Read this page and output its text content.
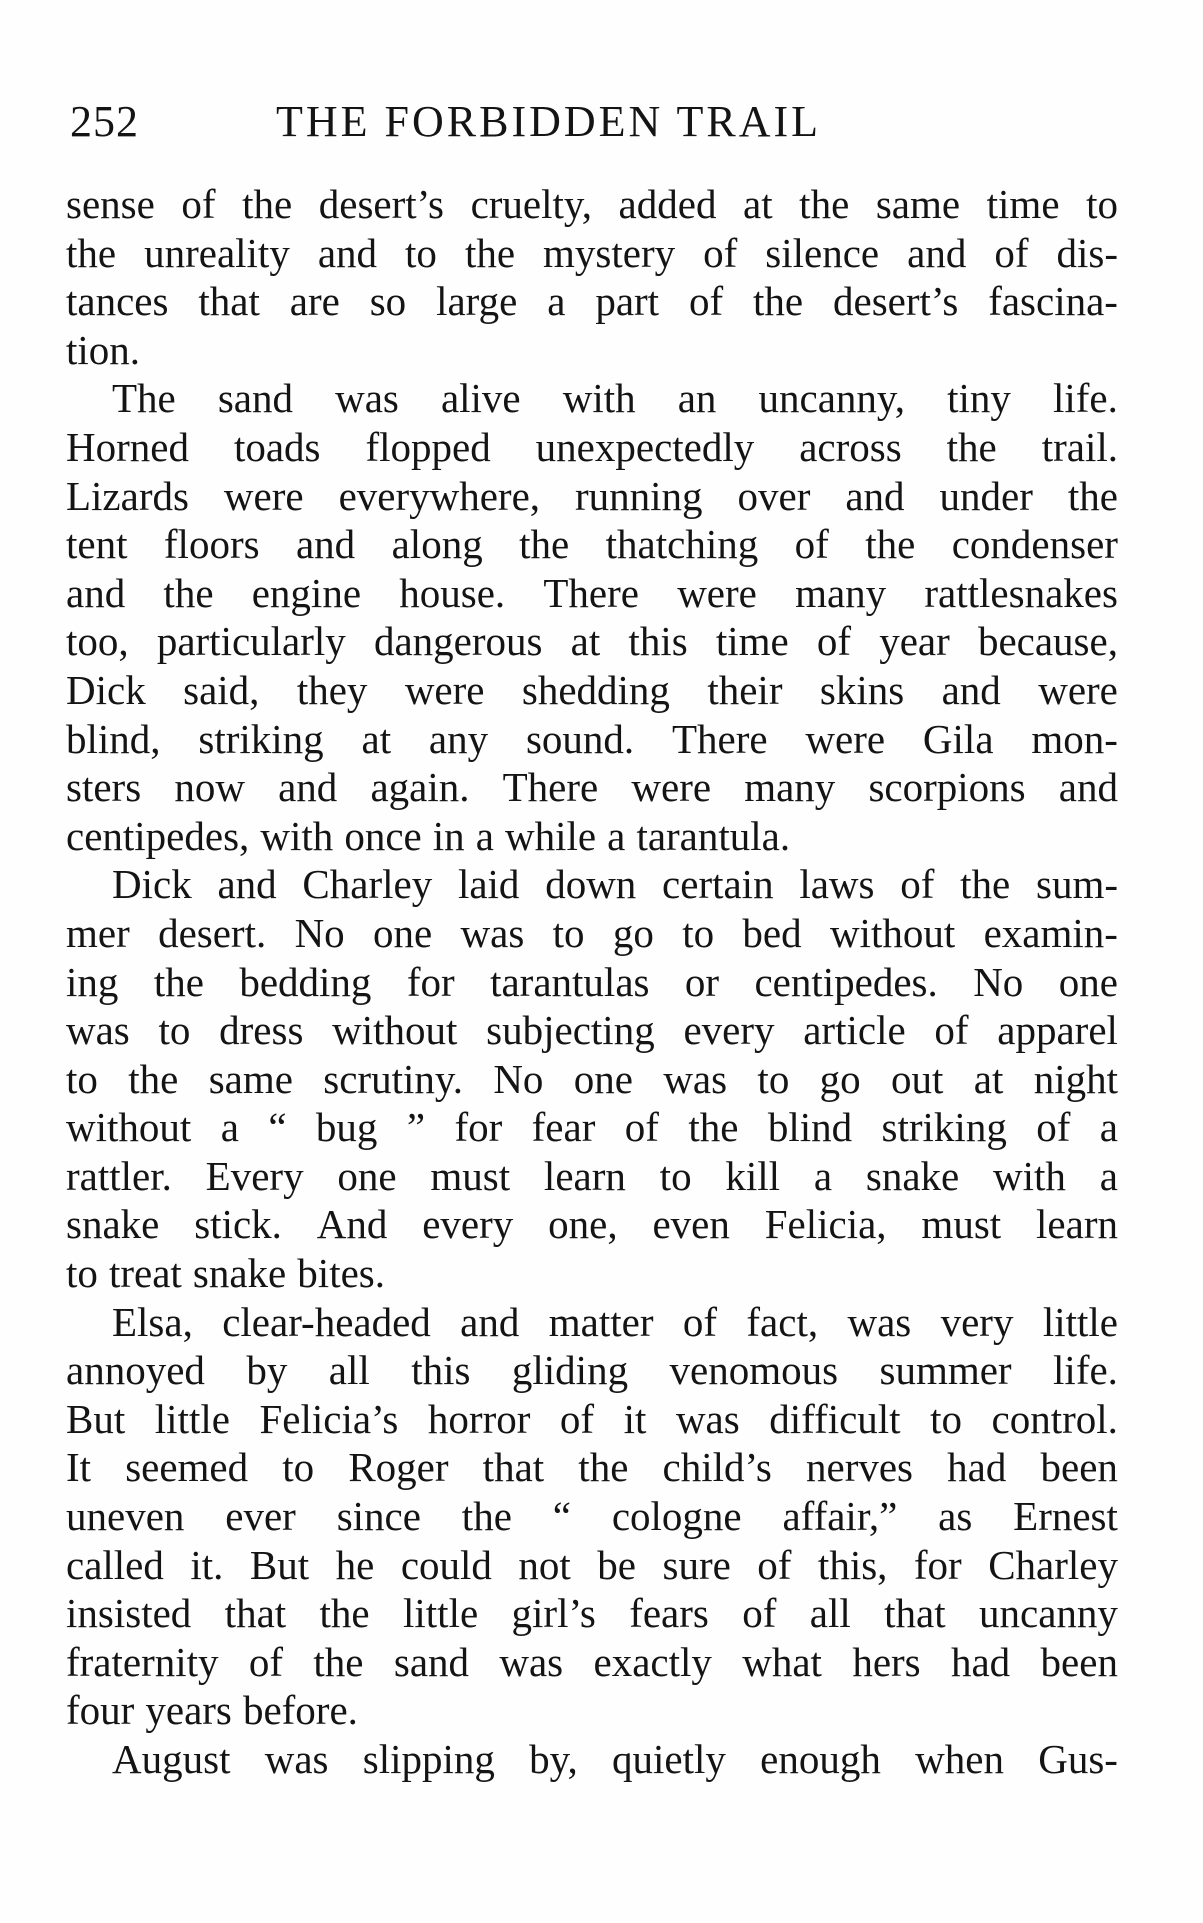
252	THE FORBIDDEN TRAIL
sense of the desert’s cruelty, added at the same time to
the unreality and to the mystery of silence and of dis-
tances that are so large a part of the desert’s fascina-
tion.
The sand was alive with an uncanny, tiny life.
Horned toads flopped unexpectedly across the trail.
Lizards were everywhere, running over and under the
tent floors and along the thatching of the condenser
and the engine house. There were many rattlesnakes
too, particularly dangerous at this time of year because,
Dick said, they were shedding their skins and were
blind, striking at any sound. There were Gila mon-
sters now and again. There were many scorpions and
centipedes, with once in a while a tarantula.
Dick and Charley laid down certain laws of the sum-
mer desert. No one was to go to bed without examin-
ing the bedding for tarantulas or centipedes. No one
was to dress without subjecting every article of apparel
to the same scrutiny. No one was to go out at night
without a “ bug ” for fear of the blind striking of a
rattler. Every one must learn to kill a snake with a
snake stick. And every one, even Felicia, must learn
to treat snake bites.
Elsa, clear-headed and matter of fact, was very little
annoyed by all this gliding venomous summer life.
But little Felicia’s horror of it was difficult to control.
It seemed to Roger that the child’s nerves had been
uneven ever since the “ cologne affair,” as Ernest
called it. But he could not be sure of this, for Charley
insisted that the little girl’s fears of all that uncanny
fraternity of the sand was exactly what hers had been
four years before.
August was slipping by, quietly enough when Gus-
